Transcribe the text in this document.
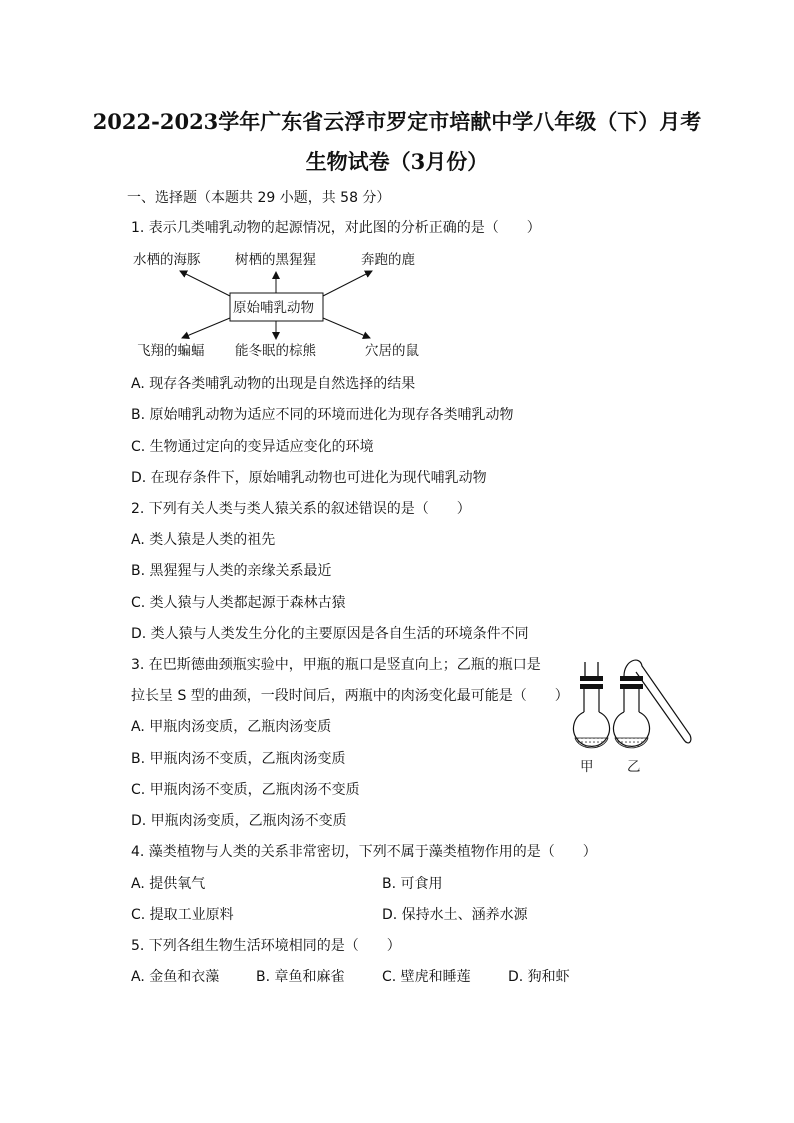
2022-2023学年广东省云浮市罗定市培献中学八年级（下）月考
生物试卷（3月份）
一、选择题（本题共 29 小题，共 58 分）
1. 表示几类哺乳动物的起源情况，对此图的分析正确的是（　　）
水栖的海豚	树栖的黑猩猩	奔跑的鹿
原始哺乳动物
飞翔的蝙蝠 能冬眠的棕熊	穴居的鼠
A. 现存各类哺乳动物的出现是自然选择的结果
B. 原始哺乳动物为适应不同的环境而进化为现存各类哺乳动物
C. 生物通过定向的变异适应变化的环境
D. 在现存条件下，原始哺乳动物也可进化为现代哺乳动物
2. 下列有关人类与类人猿关系的叙述错误的是（　　）
A. 类人猿是人类的祖先
B. 黑猩猩与人类的亲缘关系最近
C. 类人猿与人类都起源于森林古猿
D. 类人猿与人类发生分化的主要原因是各自生活的环境条件不同
3. 在巴斯德曲颈瓶实验中，甲瓶的瓶口是竖直向上；乙瓶的瓶口是
拉长呈 S 型的曲颈，一段时间后，两瓶中的肉汤变化最可能是（　　）
甲 乙
A. 甲瓶肉汤变质，乙瓶肉汤变质
B. 甲瓶肉汤不变质，乙瓶肉汤变质
C. 甲瓶肉汤不变质，乙瓶肉汤不变质
D. 甲瓶肉汤变质，乙瓶肉汤不变质
4. 藻类植物与人类的关系非常密切，下列不属于藻类植物作用的是（　　）
A. 提供氧气	B. 可食用
C. 提取工业原料	D. 保持水土、涵养水源
5. 下列各组生物生活环境相同的是（　　）
A. 金鱼和衣藻	B. 章鱼和麻雀	C. 壁虎和睡莲	D. 狗和虾
